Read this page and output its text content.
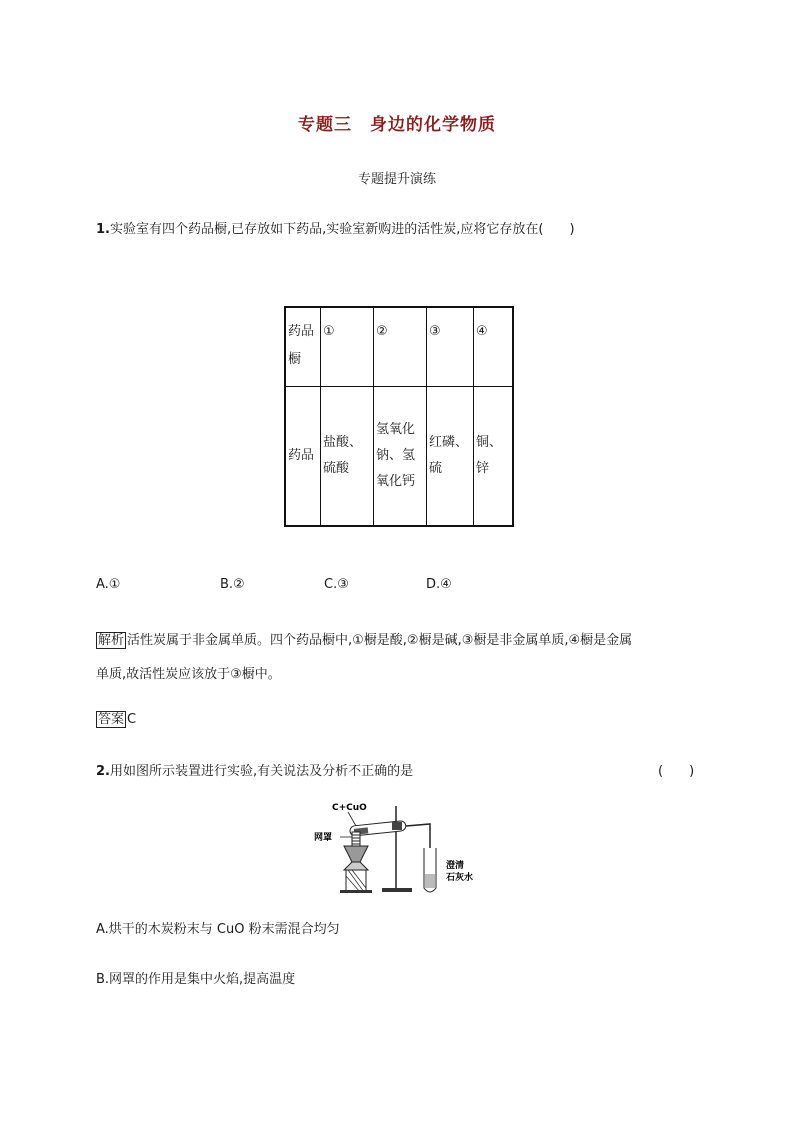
专题三　身边的化学物质
专题提升演练
1.实验室有四个药品橱,已存放如下药品,实验室新购进的活性炭,应将它存放在(　　)
药品橱	①	②	③	④
药品	盐酸、硫酸	氢氧化钠、氢氧化钙	红磷、硫	铜、锌
A.①	B.②	C.③	D.④
解析 活性炭属于非金属单质。四个药品橱中,①橱是酸,②橱是碱,③橱是非金属单质,④橱是金属
单质,故活性炭应该放于③橱中。
答案 C
2.用如图所示装置进行实验,有关说法及分析不正确的是	(　　)
C+CuO
网罩
澄清
石灰水
A.烘干的木炭粉末与 CuO 粉末需混合均匀
B.网罩的作用是集中火焰,提高温度
